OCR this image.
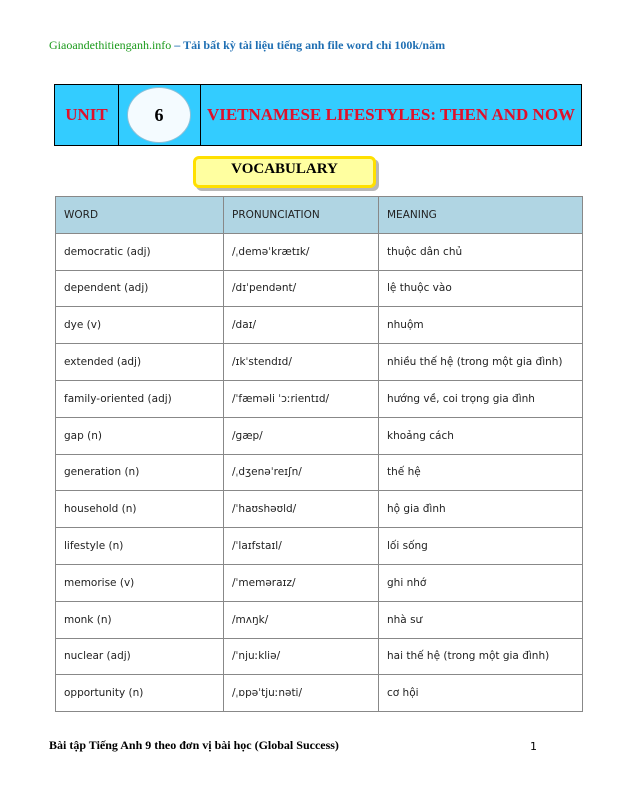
Giaoandethitienganh.info – Tải bất kỳ tài liệu tiếng anh file word chỉ 100k/năm
UNIT	6	VIETNAMESE LIFESTYLES: THEN AND NOW
VOCABULARY
WORD	PRONUNCIATION	MEANING
democratic (adj)	/ˌdeməˈkrætɪk/	thuộc dân chủ
dependent (adj)	/dɪˈpendənt/	lệ thuộc vào
dye (v)	/daɪ/	nhuộm
extended (adj)	/ɪkˈstendɪd/	nhiều thế hệ (trong một gia đình)
family-oriented (adj)	/ˈfæməli ˈɔːrientɪd/	hướng về, coi trọng gia đình
gap (n)	/ɡæp/	khoảng cách
generation (n)	/ˌdʒenəˈreɪʃn/	thế hệ
household (n)	/ˈhaʊshəʊld/	hộ gia đình
lifestyle (n)	/ˈlaɪfstaɪl/	lối sống
memorise (v)	/ˈmeməraɪz/	ghi nhớ
monk (n)	/mʌŋk/	nhà sư
nuclear (adj)	/ˈnjuːkliə/	hai thế hệ (trong một gia đình)
opportunity (n)	/ˌɒpəˈtjuːnəti/	cơ hội
Bài tập Tiếng Anh 9 theo đơn vị bài học (Global Success)	1
